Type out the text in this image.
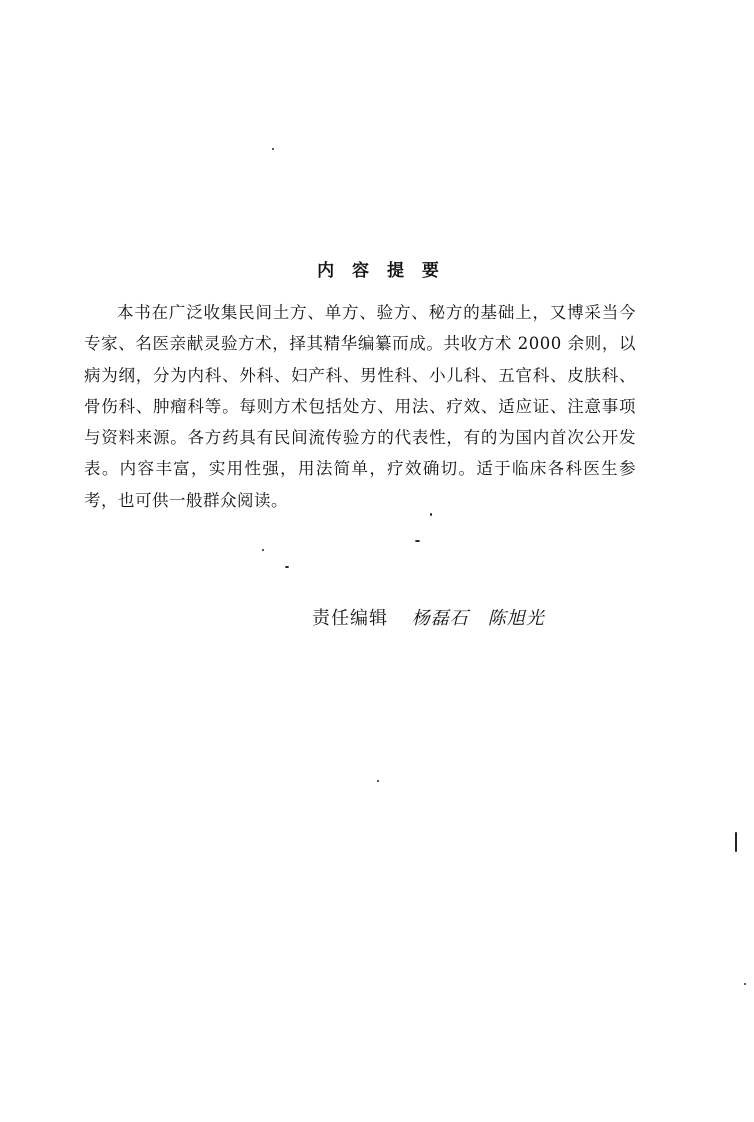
内 容 提 要
本书在广泛收集民间土方、单方、验方、秘方的基础上，又博采当今专家、名医亲献灵验方术，择其精华编纂而成。共收方术 2000 余则，以病为纲，分为内科、外科、妇产科、男性科、小儿科、五官科、皮肤科、骨伤科、肿瘤科等。每则方术包括处方、用法、疗效、适应证、注意事项与资料来源。各方药具有民间流传验方的代表性，有的为国内首次公开发表。内容丰富，实用性强，用法简单，疗效确切。适于临床各科医生参考，也可供一般群众阅读。
责任编辑 杨磊石　陈旭光
